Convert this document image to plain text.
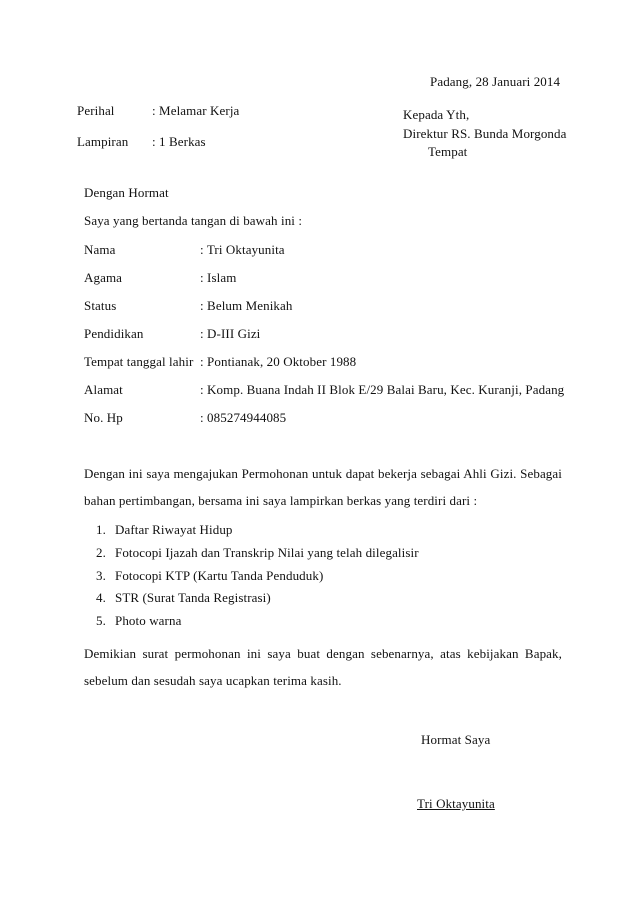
Padang, 28 Januari 2014
Perihal	: Melamar Kerja
Lampiran : 1 Berkas
Kepada Yth,
Direktur RS. Bunda Morgonda
Tempat
Dengan Hormat
Saya yang bertanda tangan di bawah ini :
Nama	: Tri Oktayunita
Agama	: Islam
Status	: Belum Menikah
Pendidikan	: D-III Gizi
Tempat tanggal lahir : Pontianak, 20 Oktober 1988
Alamat	: Komp. Buana Indah II Blok E/29 Balai Baru, Kec. Kuranji, Padang
No. Hp	: 085274944085
Dengan ini saya mengajukan Permohonan untuk dapat bekerja sebagai Ahli Gizi. Sebagai
bahan pertimbangan, bersama ini saya lampirkan berkas yang terdiri dari :
1. Daftar Riwayat Hidup
2. Fotocopi Ijazah dan Transkrip Nilai yang telah dilegalisir
3. Fotocopi KTP (Kartu Tanda Penduduk)
4. STR (Surat Tanda Registrasi)
5. Photo warna
Demikian surat permohonan ini saya buat dengan sebenarnya, atas kebijakan Bapak,
sebelum dan sesudah saya ucapkan terima kasih.
Hormat Saya
Tri Oktayunita
